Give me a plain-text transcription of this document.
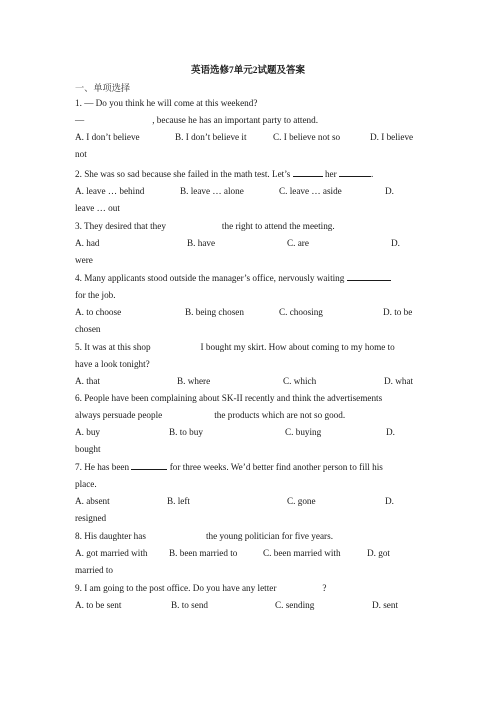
英语选修7单元2试题及答案
一、单项选择
1. — Do you think he will come at this weekend?
—	, because he has an important party to attend.
A. I don’t believe	B. I don’t believe it	C. I believe not so	D. I believe
not
2. She was so sad because she failed in the math test. Let’s	her	.
A. leave … behind	B. leave … alone	C. leave … aside	D.
leave … out
3. They desired that they	the right to attend the meeting.
A. had	B. have	C. are	D.
were
4. Many applicants stood outside the manager’s office, nervously waiting
for the job.
A. to choose	B. being chosen	C. choosing	D. to be
chosen
5. It was at this shop	I bought my skirt. How about coming to my home to
have a look tonight?
A. that	B. where	C. which	D. what
6. People have been complaining about SK-II recently and think the advertisements
always persuade people	the products which are not so good.
A. buy	B. to buy	C. buying	D.
bought
7. He has been	for three weeks. We’d better find another person to fill his
place.
A. absent	B. left	C. gone	D.
resigned
8. His daughter has	the young politician for five years.
A. got married with B. been married to	C. been married with	D. got
married to
9. I am going to the post office. Do you have any letter	?
A. to be sent	B. to send	C. sending	D. sent
